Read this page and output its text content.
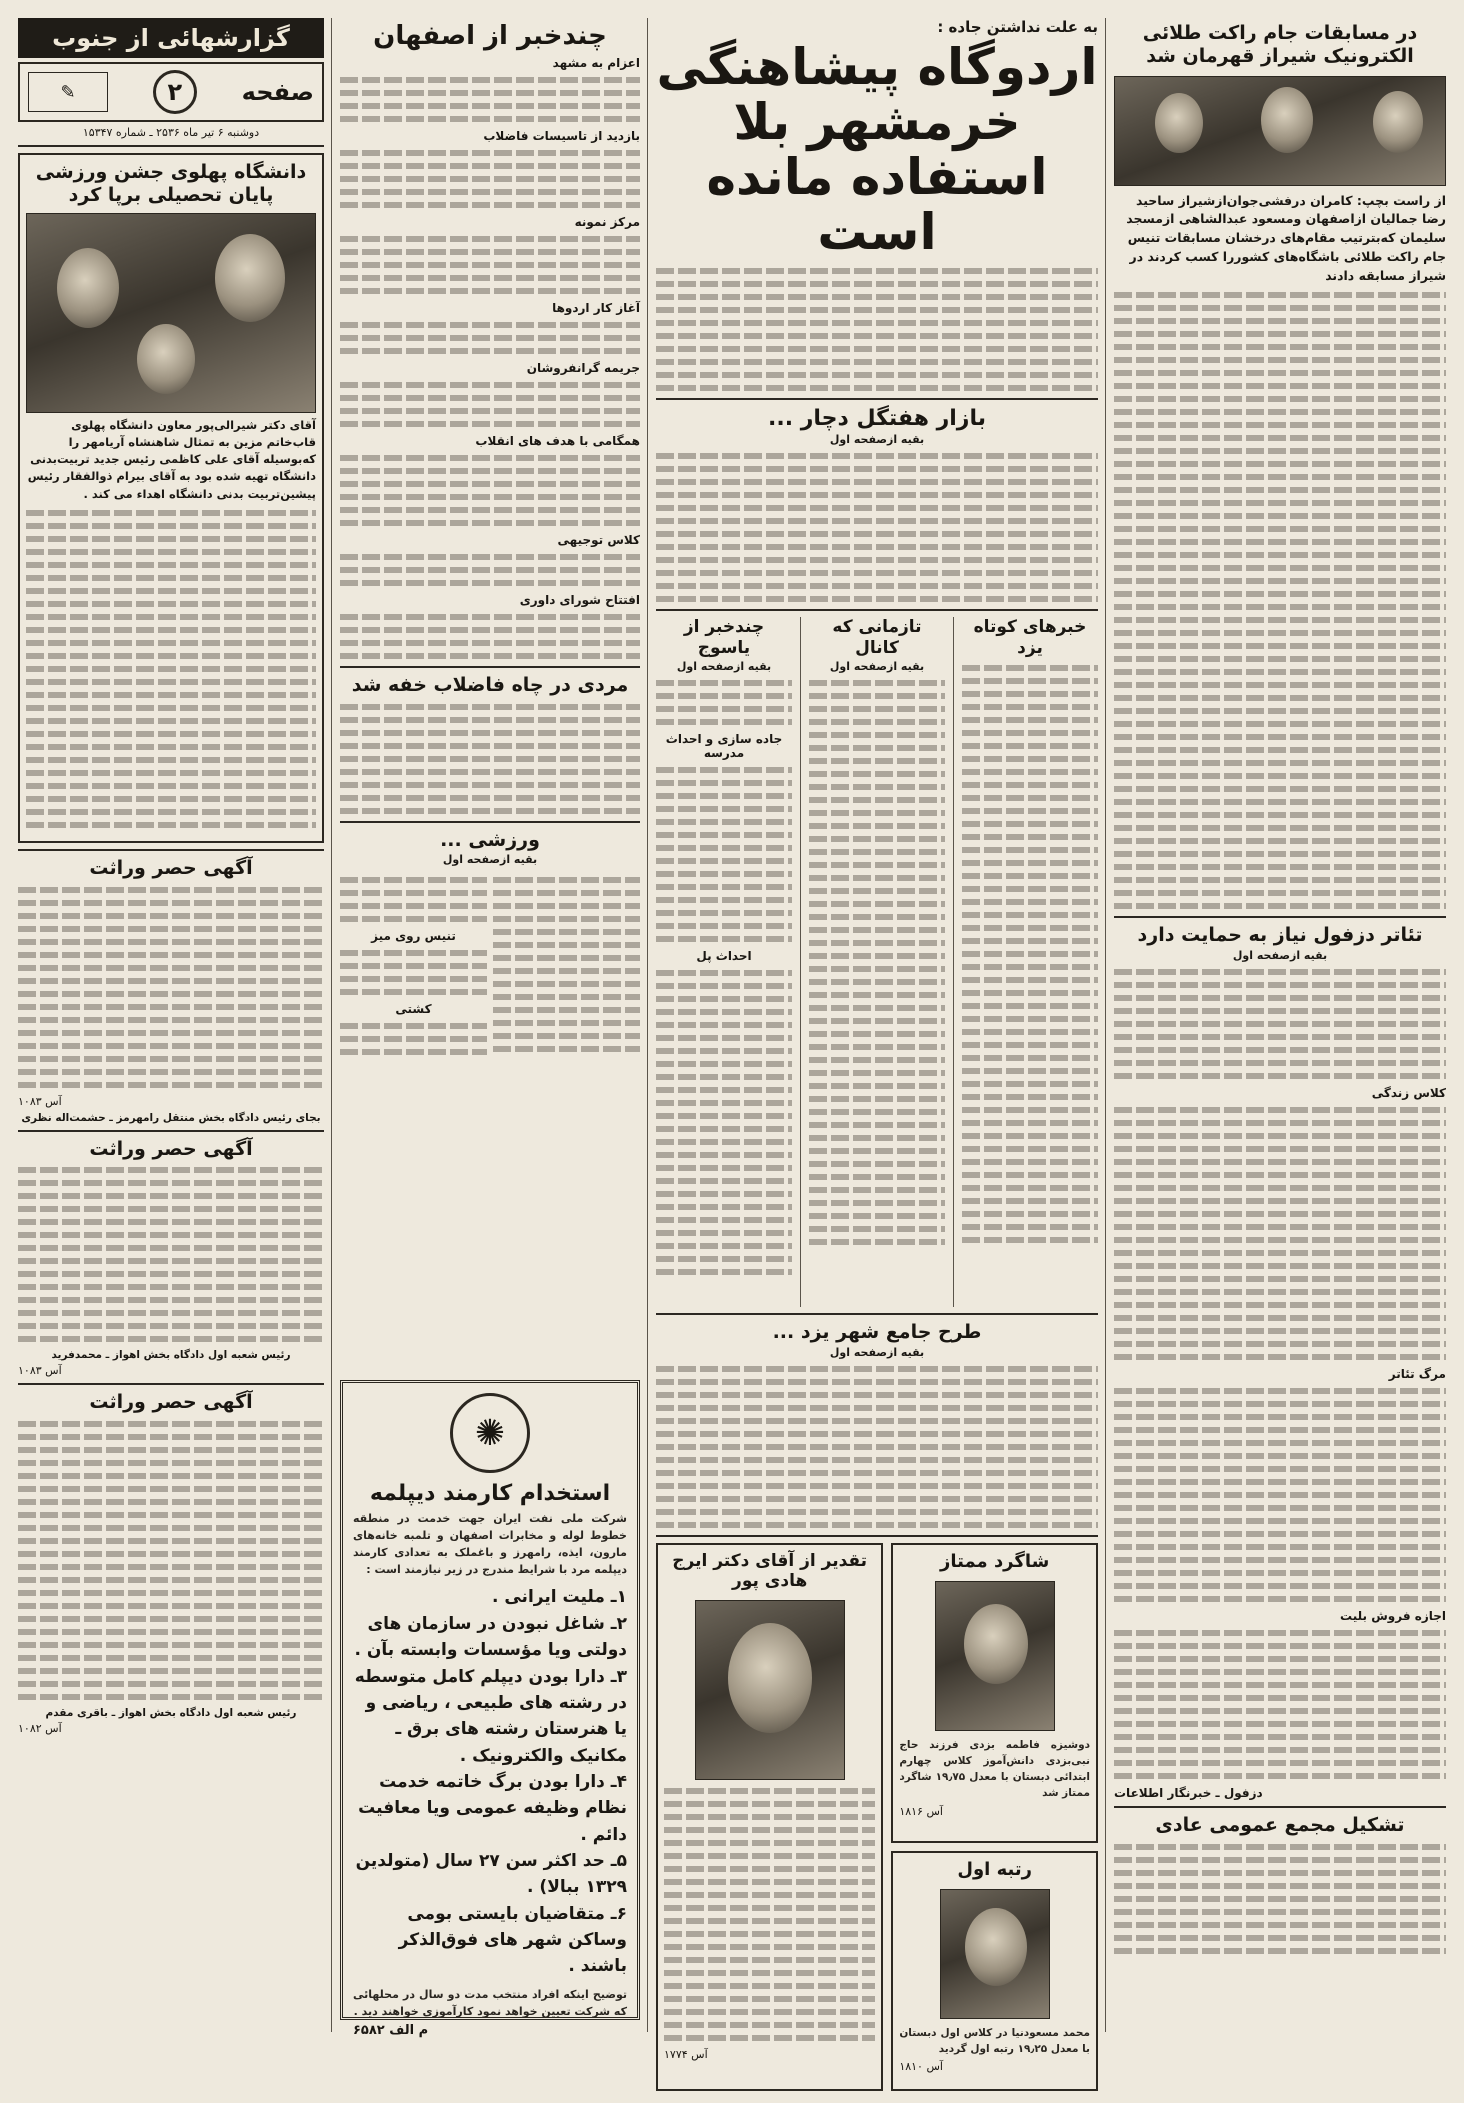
در مسابقات جام راکت طلائی الکترونیک شیراز قهرمان شد

از راست بچپ: کامران درفشی‌جوان‌ازشیراز ساحید رضا جمالیان ازاصفهان ومسعود عبدالشاهی ازمسجد سلیمان که‌بترتیب‌ مقام‌های‌ درخشان‌ مسابقات‌ تنیس‌ جام راکت طلائی باشگاه‌های کشوررا کسب کردند در شیراز مسابقه دادند

تئاتر دزفول نیاز به حمایت دارد
بقیه ازصفحه اول
کلاس زندگی
مرگ تئاتر
اجازه فروش بلیت
دزفول ـ خبرنگار اطلاعات
تشکیل مجمع عمومی عادی
به علت نداشتن جاده :
اردوگاه پیشاهنگی خرمشهر بلا استفاده مانده است
بازار هفتگل دچار ...
بقیه ازصفحه اول
خبرهای کوتاه یزد
تازمانی که کانال
بقیه ازصفحه اول
چندخبر از یاسوج
بقیه ازصفحه اول
جاده سازی و احداث مدرسه
احداث پل
طرح جامع شهر یزد ...
بقیه ازصفحه اول
شاگرد ممتاز

دوشیزه فاطمه بزدی فرزند حاج نبی‌بزدی دانش‌آموز کلاس چهارم ابتدائی دبستان با معدل ۱۹٫۷۵ شاگرد ممتاز شد

آس ۱۸۱۶
رتبه اول

محمد مسعودنیا در کلاس اول دبستان با معدل ۱۹٫۲۵ رتبه اول گردید

آس ۱۸۱۰
تقدیر از آقای دکتر ایرج هادی پور
آس ۱۷۷۴
چندخبر از اصفهان
اعزام به مشهد
بازدید از تاسیسات فاضلاب
مرکز نمونه
آغاز کار اردوها
جریمه گرانفروشان
همگامی با هدف های انقلاب
کلاس توجیهی
افتتاح شورای داوری
مردی در چاه فاضلاب خفه شد
ورزشی ...
بقیه ازصفحه اول
تنیس روی میز
کشتی
✺
استخدام کارمند دیپلمه

شرکت ملی نفت ایران جهت خدمت در منطقه خطوط لوله و مخابرات اصفهان و تلمبه خانه‌های مارون، ایذه، رامهرز و باغملک به تعدادی کارمند دیپلمه مرد با شرایط مندرج در زیر نیازمند است :

۱ـ ملیت ایرانی .
۲ـ شاغل نبودن در سازمان های دولتی ویا مؤسسات وابسته بآن .
۳ـ دارا بودن دیپلم کامل متوسطه در رشته های طبیعی ، ریاضی و یا هنرستان رشته های برق ـ مکانیک والکترونیک .
۴ـ دارا بودن برگ خاتمه خدمت نظام وظیفه عمومی ویا معافیت دائم .
۵ـ حد اکثر سن ۲۷ سال (متولدین ۱۳۲۹ ببالا) .
۶ـ متقاضیان بایستی بومی وساکن شهر های فوق‌الذکر باشند .

توضیح اینکه افراد منتخب مدت دو سال در محلهائی که شرکت تعیین خواهد نمود کارآموزی خواهند دید .

م الف ۶۵۸۲
گزارشهائی از جنوب
صفحه
۲
✎
دوشنبه ۶ تیر ماه ۲۵۳۶ ـ شماره ۱۵۳۴۷
دانشگاه پهلوی جشن ورزشی پایان تحصیلی برپا کرد

آقای دکتر شیرالی‌پور معاون دانشگاه پهلوی قاب‌خاتم مزین به تمثال شاهنشاه آریامهر را که‌بوسیله آقای علی کاظمی رئیس جدید تربیت‌بدنی دانشگاه تهیه شده بود به آقای بیرام ذوالفقار رئیس پیشین‌تربیت بدنی دانشگاه اهداء می کند .

آگهی حصر وراثت
آس ۱۰۸۳
بجای رئیس دادگاه بخش منتقل رامهرمز ـ حشمت‌اله نظری
آگهی حصر وراثت
رئیس شعبه اول دادگاه بخش اهواز ـ محمدفرید
آس ۱۰۸۳
آگهی حصر وراثت
رئیس شعبه اول دادگاه بخش اهواز ـ باقری مقدم
آس ۱۰۸۲
